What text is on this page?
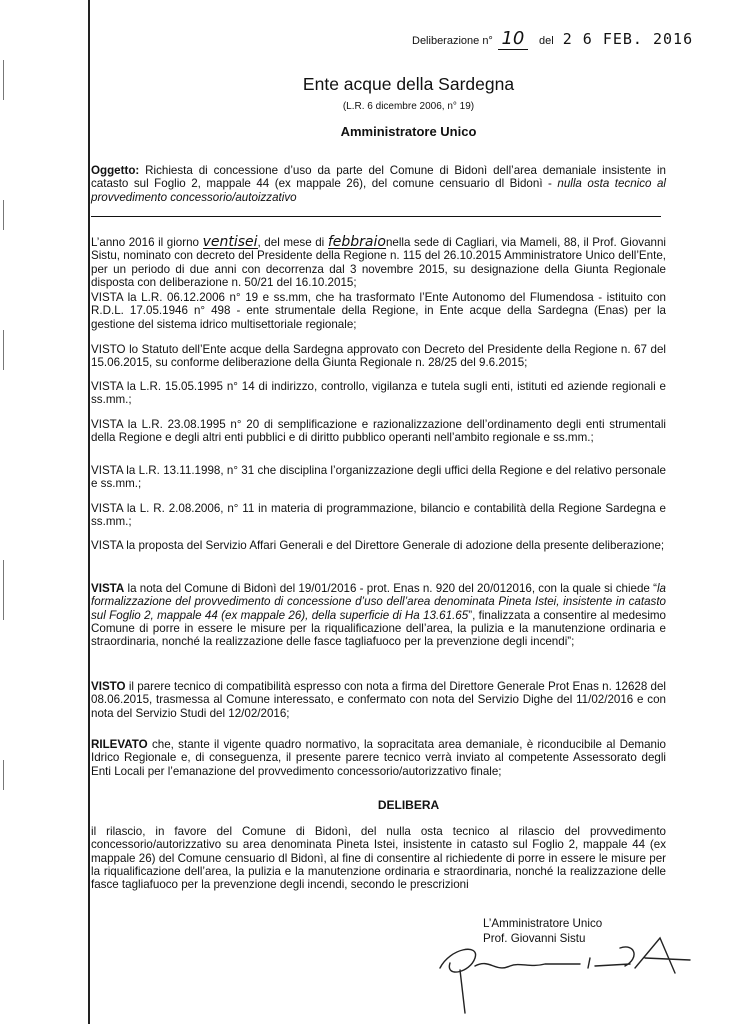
Deliberazione n° 10 del 2 6 FEB. 2016
Ente acque della Sardegna
(L.R. 6 dicembre 2006, n° 19)
Amministratore Unico

Oggetto: Richiesta di concessione d’uso da parte del Comune di Bidonì dell’area demaniale insistente in catasto sul Foglio 2, mappale 44 (ex mappale 26), del comune censuario dl Bidonì - nulla osta tecnico al provvedimento concessorio/autoizzativo

L’anno 2016 il giorno ventisei, del mese di febbraionella sede di Cagliari, via Mameli, 88, il Prof. Giovanni Sistu, nominato con decreto del Presidente della Regione n. 115 del 26.10.2015 Amministratore Unico dell’Ente, per un periodo di due anni con decorrenza dal 3 novembre 2015, su designazione della Giunta Regionale disposta con deliberazione n. 50/21 del 16.10.2015;

VISTA la L.R. 06.12.2006 n° 19 e ss.mm, che ha trasformato l’Ente Autonomo del Flumendosa - istituito con R.D.L. 17.05.1946 n° 498 - ente strumentale della Regione, in Ente acque della Sardegna (Enas) per la gestione del sistema idrico multisettoriale regionale;

VISTO lo Statuto dell’Ente acque della Sardegna approvato con Decreto del Presidente della Regione n. 67 del 15.06.2015, su conforme deliberazione della Giunta Regionale n. 28/25 del 9.6.2015;

VISTA la L.R. 15.05.1995 n° 14 di indirizzo, controllo, vigilanza e tutela sugli enti, istituti ed aziende regionali e ss.mm.;

VISTA la L.R. 23.08.1995 n° 20 di semplificazione e razionalizzazione dell’ordinamento degli enti strumentali della Regione e degli altri enti pubblici e di diritto pubblico operanti nell’ambito regionale e ss.mm.;

VISTA la L.R. 13.11.1998, n° 31 che disciplina l’organizzazione degli uffici della Regione e del relativo personale e ss.mm.;

VISTA la L. R. 2.08.2006, n° 11 in materia di programmazione, bilancio e contabilità della Regione Sardegna e ss.mm.;

VISTA la proposta del Servizio Affari Generali e del Direttore Generale di adozione della presente deliberazione;

VISTA la nota del Comune di Bidonì del 19/01/2016 - prot. Enas n. 920 del 20/012016, con la quale si chiede “la formalizzazione del provvedimento di concessione d’uso dell’area denominata Pineta Istei, insistente in catasto sul Foglio 2, mappale 44 (ex mappale 26), della superficie di Ha 13.61.65”, finalizzata a consentire al medesimo Comune di porre in essere le misure per la riqualificazione dell’area, la pulizia e la manutenzione ordinaria e straordinaria, nonché la realizzazione delle fasce tagliafuoco per la prevenzione degli incendi”;

VISTO il parere tecnico di compatibilità espresso con nota a firma del Direttore Generale Prot Enas n. 12628 del 08.06.2015, trasmessa al Comune interessato, e confermato con nota del Servizio Dighe del 11/02/2016 e con nota del Servizio Studi del 12/02/2016;

RILEVATO che, stante il vigente quadro normativo, la sopracitata area demaniale, è riconducibile al Demanio Idrico Regionale e, di conseguenza, il presente parere tecnico verrà inviato al competente Assessorato degli Enti Locali per l’emanazione del provvedimento concessorio/autorizzativo finale;

DELIBERA

il rilascio, in favore del Comune di Bidonì, del nulla osta tecnico al rilascio del provvedimento concessorio/autorizzativo su area denominata Pineta Istei, insistente in catasto sul Foglio 2, mappale 44 (ex mappale 26) del Comune censuario dl Bidonì, al fine di consentire al richiedente di porre in essere le misure per la riqualificazione dell’area, la pulizia e la manutenzione ordinaria e straordinaria, nonché la realizzazione delle fasce tagliafuoco per la prevenzione degli incendi, secondo le prescrizioni

L’Amministratore Unico
Prof. Giovanni Sistu
